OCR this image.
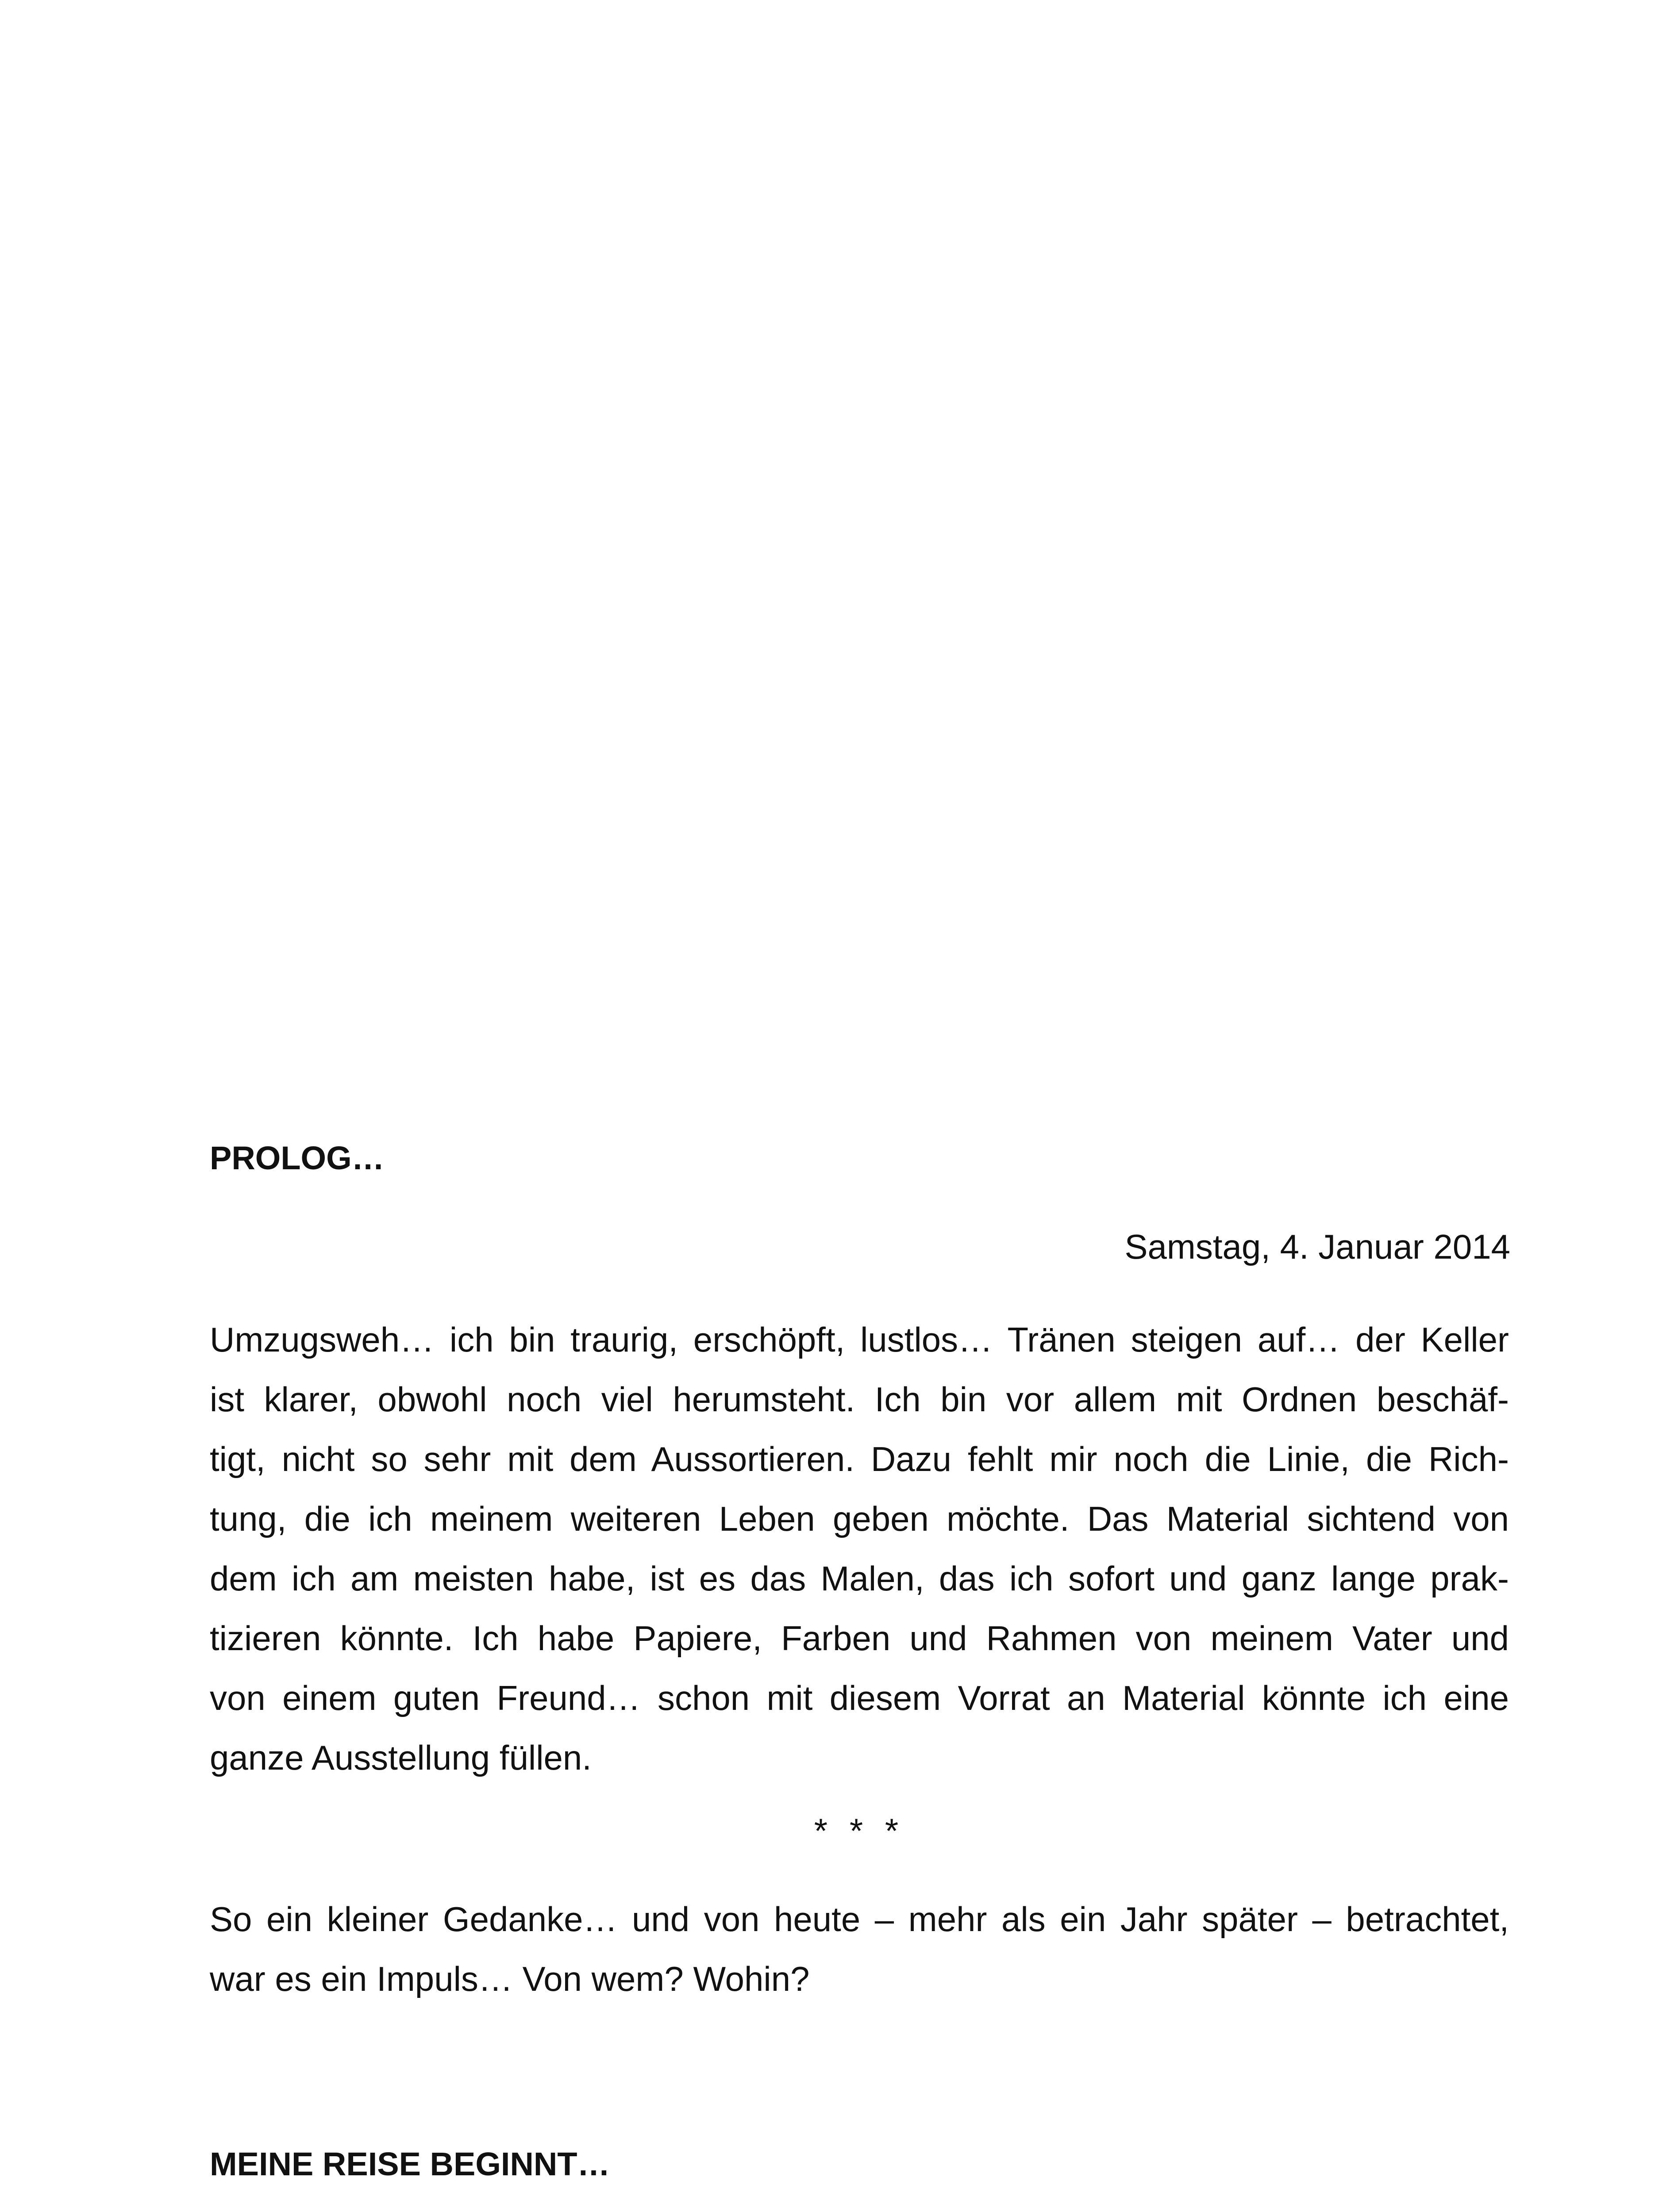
PROLOG…
Samstag, 4. Januar 2014
Umzugsweh… ich bin traurig, erschöpft, lustlos… Tränen steigen auf… der Keller
ist klarer, obwohl noch viel herumsteht. Ich bin vor allem mit Ordnen beschäf-
tigt, nicht so sehr mit dem Aussortieren. Dazu fehlt mir noch die Linie, die Rich-
tung, die ich meinem weiteren Leben geben möchte. Das Material sichtend von
dem ich am meisten habe, ist es das Malen, das ich sofort und ganz lange prak-
tizieren könnte. Ich habe Papiere, Farben und Rahmen von meinem Vater und
von einem guten Freund… schon mit diesem Vorrat an Material könnte ich eine
ganze Ausstellung füllen.
* * *
So ein kleiner Gedanke… und von heute – mehr als ein Jahr später – betrachtet,
war es ein Impuls… Von wem? Wohin?
MEINE REISE BEGINNT…
